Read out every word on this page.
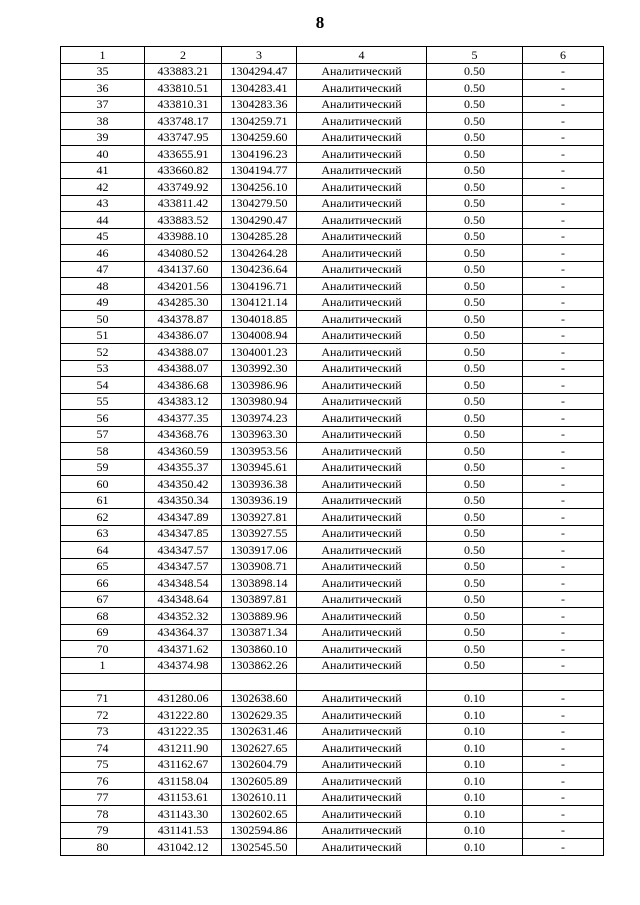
8
1	2	3	4	5	6
35	433883.21	1304294.47	Аналитический	0.50	-
36	433810.51	1304283.41	Аналитический	0.50	-
37	433810.31	1304283.36	Аналитический	0.50	-
38	433748.17	1304259.71	Аналитический	0.50	-
39	433747.95	1304259.60	Аналитический	0.50	-
40	433655.91	1304196.23	Аналитический	0.50	-
41	433660.82	1304194.77	Аналитический	0.50	-
42	433749.92	1304256.10	Аналитический	0.50	-
43	433811.42	1304279.50	Аналитический	0.50	-
44	433883.52	1304290.47	Аналитический	0.50	-
45	433988.10	1304285.28	Аналитический	0.50	-
46	434080.52	1304264.28	Аналитический	0.50	-
47	434137.60	1304236.64	Аналитический	0.50	-
48	434201.56	1304196.71	Аналитический	0.50	-
49	434285.30	1304121.14	Аналитический	0.50	-
50	434378.87	1304018.85	Аналитический	0.50	-
51	434386.07	1304008.94	Аналитический	0.50	-
52	434388.07	1304001.23	Аналитический	0.50	-
53	434388.07	1303992.30	Аналитический	0.50	-
54	434386.68	1303986.96	Аналитический	0.50	-
55	434383.12	1303980.94	Аналитический	0.50	-
56	434377.35	1303974.23	Аналитический	0.50	-
57	434368.76	1303963.30	Аналитический	0.50	-
58	434360.59	1303953.56	Аналитический	0.50	-
59	434355.37	1303945.61	Аналитический	0.50	-
60	434350.42	1303936.38	Аналитический	0.50	-
61	434350.34	1303936.19	Аналитический	0.50	-
62	434347.89	1303927.81	Аналитический	0.50	-
63	434347.85	1303927.55	Аналитический	0.50	-
64	434347.57	1303917.06	Аналитический	0.50	-
65	434347.57	1303908.71	Аналитический	0.50	-
66	434348.54	1303898.14	Аналитический	0.50	-
67	434348.64	1303897.81	Аналитический	0.50	-
68	434352.32	1303889.96	Аналитический	0.50	-
69	434364.37	1303871.34	Аналитический	0.50	-
70	434371.62	1303860.10	Аналитический	0.50	-
1	434374.98	1303862.26	Аналитический	0.50	-

71	431280.06	1302638.60	Аналитический	0.10	-
72	431222.80	1302629.35	Аналитический	0.10	-
73	431222.35	1302631.46	Аналитический	0.10	-
74	431211.90	1302627.65	Аналитический	0.10	-
75	431162.67	1302604.79	Аналитический	0.10	-
76	431158.04	1302605.89	Аналитический	0.10	-
77	431153.61	1302610.11	Аналитический	0.10	-
78	431143.30	1302602.65	Аналитический	0.10	-
79	431141.53	1302594.86	Аналитический	0.10	-
80	431042.12	1302545.50	Аналитический	0.10	-
